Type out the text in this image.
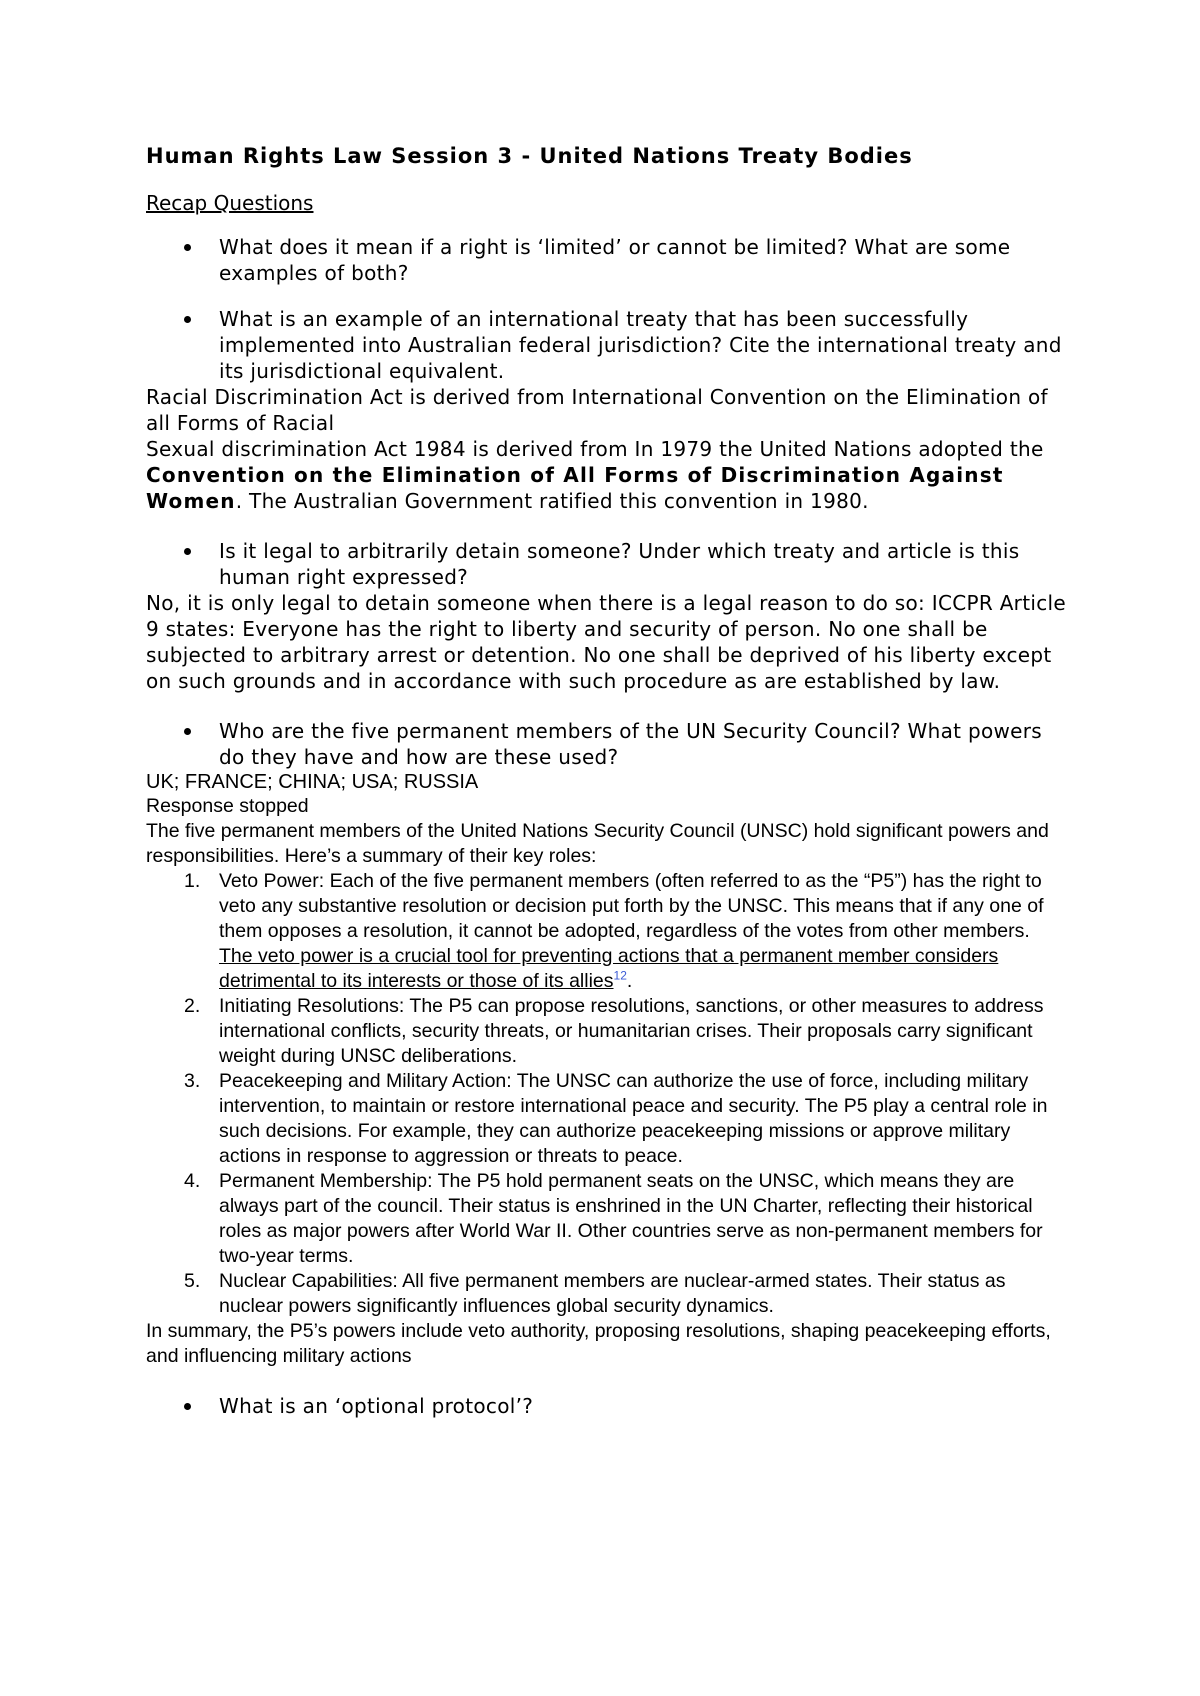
Human Rights Law Session 3 - United Nations Treaty Bodies
Recap Questions
What does it mean if a right is ‘limited’ or cannot be limited? What are some examples of both?
What is an example of an international treaty that has been successfully implemented into Australian federal jurisdiction? Cite the international treaty and its jurisdictional equivalent.

Racial Discrimination Act is derived from International Convention on the Elimination of all Forms of Racial

Sexual discrimination Act 1984 is derived from In 1979 the United Nations adopted the Convention on the Elimination of All Forms of Discrimination Against Women. The Australian Government ratified this convention in 1980.

Is it legal to arbitrarily detain someone? Under which treaty and article is this human right expressed?

No, it is only legal to detain someone when there is a legal reason to do so: ICCPR Article 9 states: Everyone has the right to liberty and security of person. No one shall be subjected to arbitrary arrest or detention. No one shall be deprived of his liberty except on such grounds and in accordance with such procedure as are established by law.

Who are the five permanent members of the UN Security Council? What powers do they have and how are these used?

UK; FRANCE; CHINA; USA; RUSSIA

Response stopped

The five permanent members of the United Nations Security Council (UNSC) hold significant powers and responsibilities. Here’s a summary of their key roles:

1. Veto Power: Each of the five permanent members (often referred to as the “P5”) has the right to veto any substantive resolution or decision put forth by the UNSC. This means that if any one of them opposes a resolution, it cannot be adopted, regardless of the votes from other members. The veto power is a crucial tool for preventing actions that a permanent member considers detrimental to its interests or those of its allies$^{12}$.
2. Initiating Resolutions: The P5 can propose resolutions, sanctions, or other measures to address international conflicts, security threats, or humanitarian crises. Their proposals carry significant weight during UNSC deliberations.
3. Peacekeeping and Military Action: The UNSC can authorize the use of force, including military intervention, to maintain or restore international peace and security. The P5 play a central role in such decisions. For example, they can authorize peacekeeping missions or approve military actions in response to aggression or threats to peace.
4. Permanent Membership: The P5 hold permanent seats on the UNSC, which means they are always part of the council. Their status is enshrined in the UN Charter, reflecting their historical roles as major powers after World War II. Other countries serve as non-permanent members for two-year terms.
5. Nuclear Capabilities: All five permanent members are nuclear-armed states. Their status as nuclear powers significantly influences global security dynamics.

In summary, the P5’s powers include veto authority, proposing resolutions, shaping peacekeeping efforts, and influencing military actions

What is an ‘optional protocol’?
